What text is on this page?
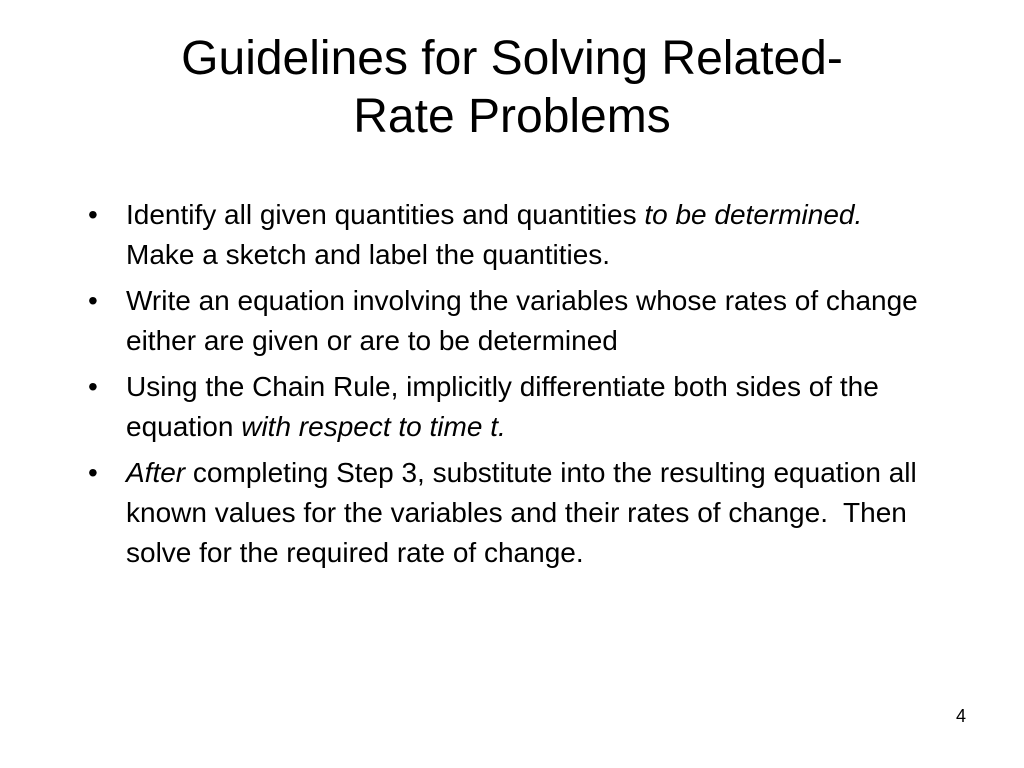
Guidelines for Solving Related-
Rate Problems
• Identify all given quantities and quantities to be determined.  Make a sketch and label the quantities.
• Write an equation involving the variables whose rates of change either are given or are to be determined
• Using the Chain Rule, implicitly differentiate both sides of the equation with respect to time t.
• After completing Step 3, substitute into the resulting equation all known values for the variables and their rates of change.  Then solve for the required rate of change.
4
